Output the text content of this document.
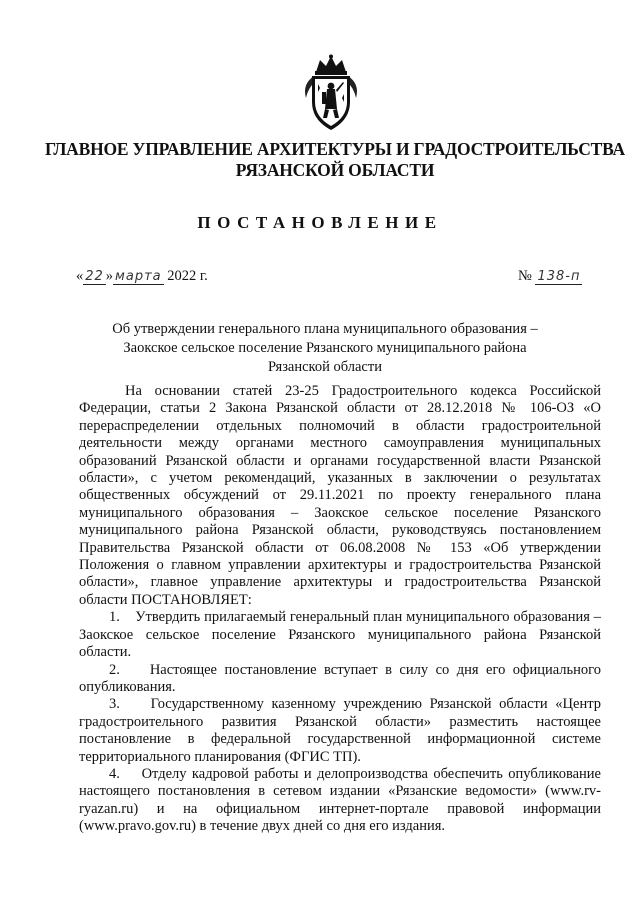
ГЛАВНОЕ УПРАВЛЕНИЕ АРХИТЕКТУРЫ И ГРАДОСТРОИТЕЛЬСТВА
РЯЗАНСКОЙ ОБЛАСТИ
ПОСТАНОВЛЕНИЕ
« 22 » марта 2022 г.	№ 138-п
Об утверждении генерального плана муниципального образования –
Заокское сельское поселение Рязанского муниципального района
Рязанской области

На основании статей 23-25 Градостроительного кодекса Российской Федерации, статьи 2 Закона Рязанской области от 28.12.2018 № 106-ОЗ «О перераспределении отдельных полномочий в области градостроительной деятельности между органами местного самоуправления муниципальных образований Рязанской области и органами государственной власти Рязанской области», с учетом рекомендаций, указанных в заключении о результатах общественных обсуждений от 29.11.2021 по проекту генерального плана муниципального образования – Заокское сельское поселение Рязанского муниципального района Рязанской области, руководствуясь постановлением Правительства Рязанской области от 06.08.2008 № 153 «Об утверждении Положения о главном управлении архитектуры и градостроительства Рязанской области», главное управление архитектуры и градостроительства Рязанской области ПОСТАНОВЛЯЕТ:

1.    Утвердить прилагаемый генеральный план муниципального образования – Заокское сельское поселение Рязанского муниципального района Рязанской области.

2.    Настоящее постановление вступает в силу со дня его официального опубликования.

3.    Государственному казенному учреждению Рязанской области «Центр градостроительного развития Рязанской области» разместить настоящее постановление в федеральной государственной информационной системе территориального планирования (ФГИС ТП).

4.    Отделу кадровой работы и делопроизводства обеспечить опубликование настоящего постановления в сетевом издании «Рязанские ведомости» (www.rv-ryazan.ru) и на официальном интернет-портале правовой информации (www.pravo.gov.ru) в течение двух дней со дня его издания.
